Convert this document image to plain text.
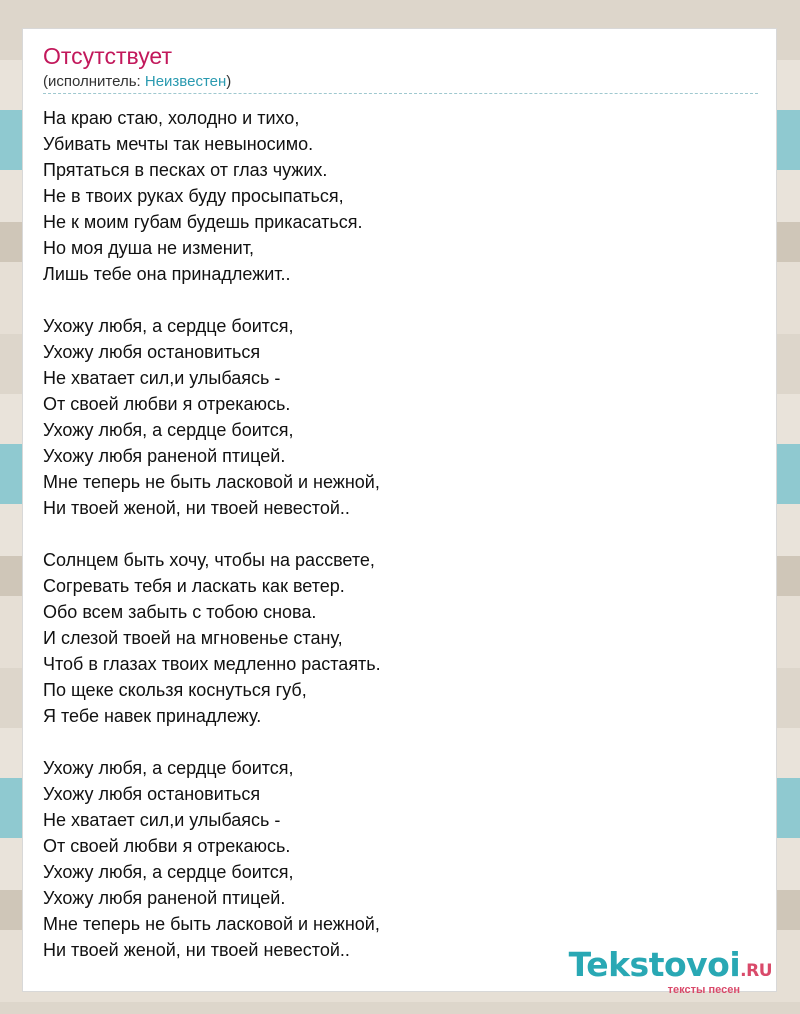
Отсутствует
(исполнитель: Неизвестен)
На краю стаю, холодно и тихо,
Убивать мечты так невыносимо.
Прятаться в песках от глаз чужих.
Не в твоих руках буду просыпаться,
Не к моим губам будешь прикасаться.
Но моя душа не изменит,
Лишь тебе она принадлежит..
Ухожу любя, а сердце боится,
Ухожу любя остановиться
Не хватает сил,и улыбаясь -
От своей любви я отрекаюсь.
Ухожу любя, а сердце боится,
Ухожу любя раненой птицей.
Мне теперь не быть ласковой и нежной,
Ни твоей женой, ни твоей невестой..
Солнцем быть хочу, чтобы на рассвете,
Согревать тебя и ласкать как ветер.
Обо всем забыть с тобою снова.
И слезой твоей на мгновенье стану,
Чтоб в глазах твоих медленно растаять.
По щеке скользя коснуться губ,
Я тебе навек принадлежу.
Ухожу любя, а сердце боится,
Ухожу любя остановиться
Не хватает сил,и улыбаясь -
От своей любви я отрекаюсь.
Ухожу любя, а сердце боится,
Ухожу любя раненой птицей.
Мне теперь не быть ласковой и нежной,
Ни твоей женой, ни твоей невестой..	Tekstovoi.RU
тексты песен
